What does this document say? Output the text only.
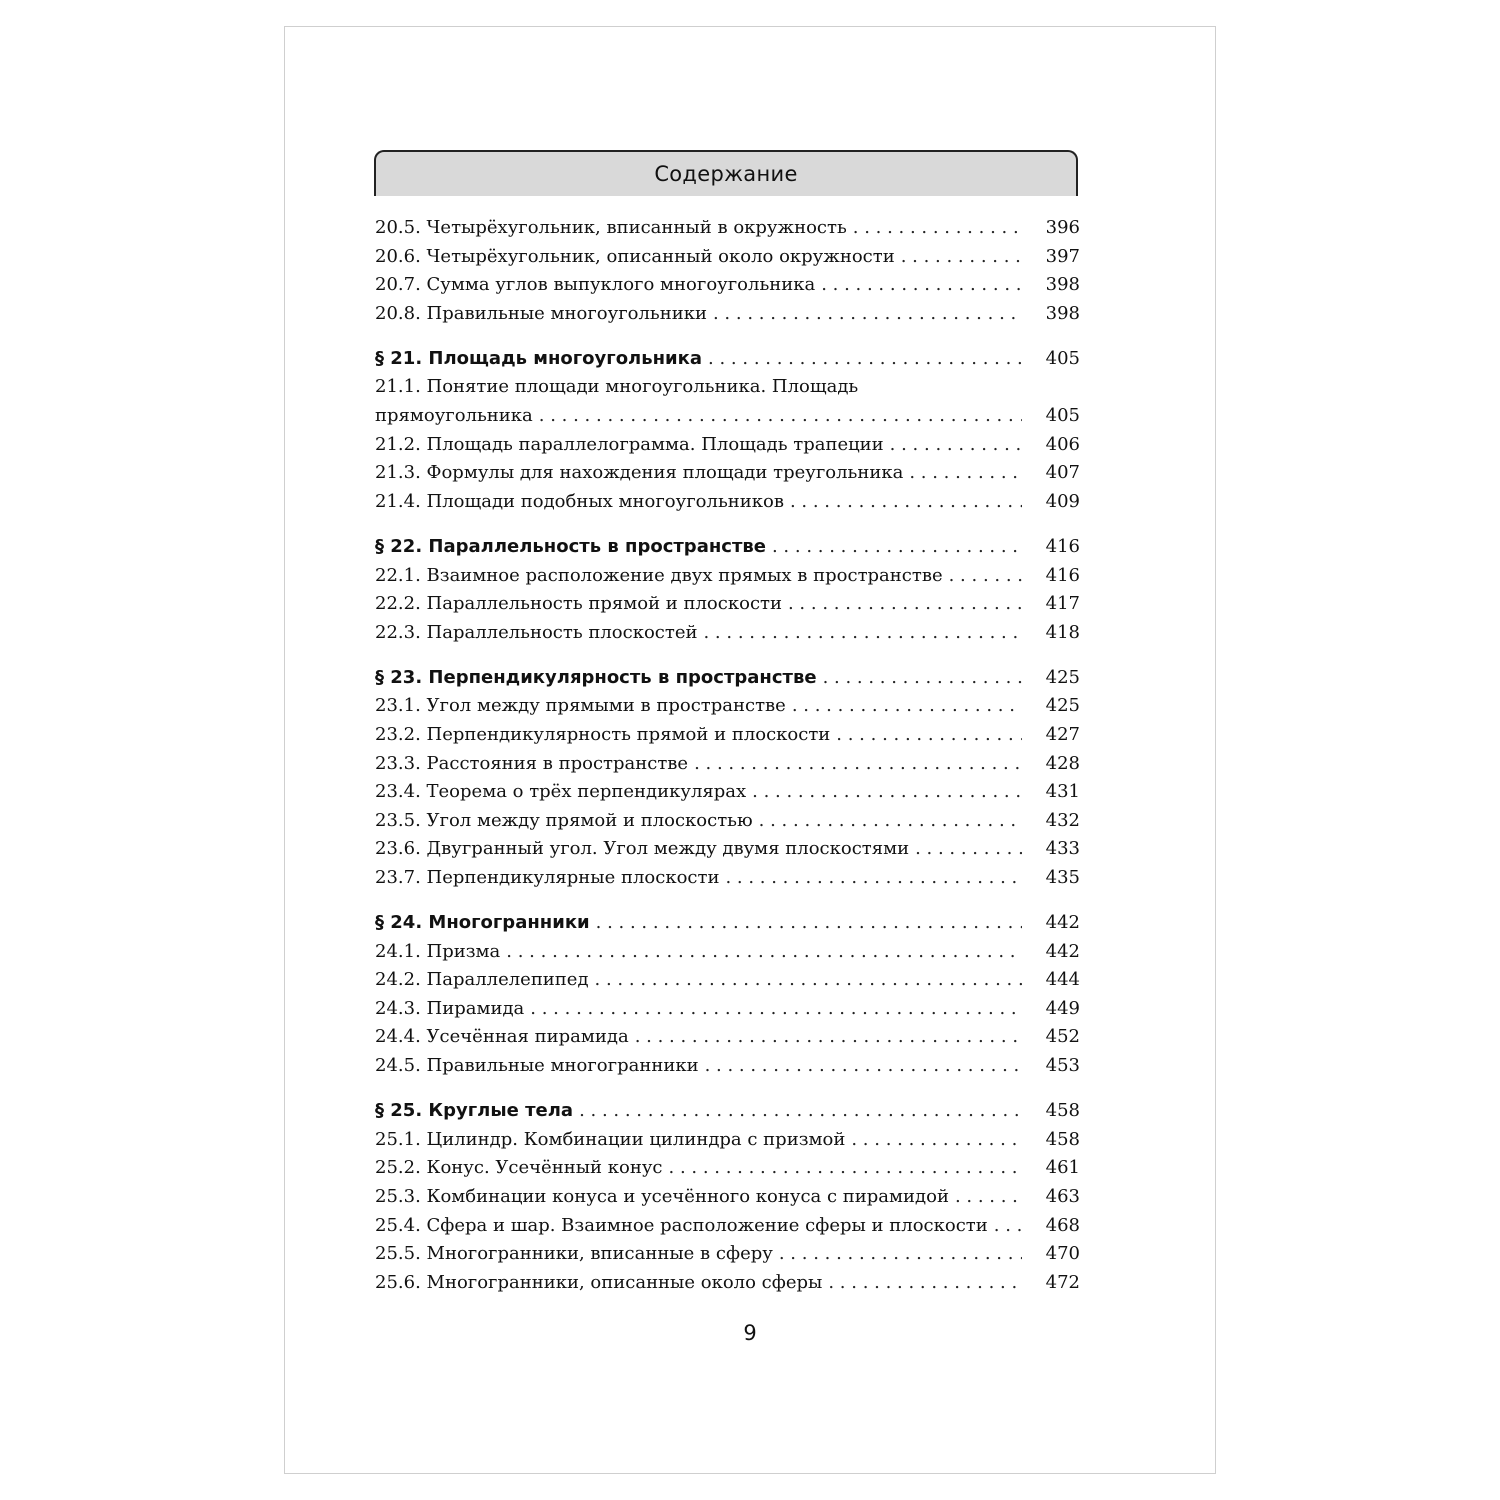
Содержание
20.5. Четырёхугольник, вписанный в окружность . . .	396
20.6. Четырёхугольник, описанный около окружности . . .	397
20.7. Сумма углов выпуклого многоугольника . . .	398
20.8. Правильные многоугольники . . .	398
§ 21. Площадь многоугольника . . .	405
21.1. Понятие площади многоугольника. Площадь
прямоугольника . . .	405
21.2. Площадь параллелограмма. Площадь трапеции . . .	406
21.3. Формулы для нахождения площади треугольника . . .	407
21.4. Площади подобных многоугольников . . .	409
§ 22. Параллельность в пространстве . . .	416
22.1. Взаимное расположение двух прямых в пространстве . . .	416
22.2. Параллельность прямой и плоскости . . .	417
22.3. Параллельность плоскостей . . .	418
§ 23. Перпендикулярность в пространстве . . .	425
23.1. Угол между прямыми в пространстве . . .	425
23.2. Перпендикулярность прямой и плоскости . . .	427
23.3. Расстояния в пространстве . . .	428
23.4. Теорема о трёх перпендикулярах . . .	431
23.5. Угол между прямой и плоскостью . . .	432
23.6. Двугранный угол. Угол между двумя плоскостями . . .	433
23.7. Перпендикулярные плоскости . . .	435
§ 24. Многогранники . . .	442
24.1. Призма . . .	442
24.2. Параллелепипед . . .	444
24.3. Пирамида . . .	449
24.4. Усечённая пирамида . . .	452
24.5. Правильные многогранники . . .	453
§ 25. Круглые тела . . .	458
25.1. Цилиндр. Комбинации цилиндра с призмой . . .	458
25.2. Конус. Усечённый конус . . .	461
25.3. Комбинации конуса и усечённого конуса с пирамидой . . .	463
25.4. Сфера и шар. Взаимное расположение сферы и плоскости . . .	468
25.5. Многогранники, вписанные в сферу . . .	470
25.6. Многогранники, описанные около сферы . . .	472
9
